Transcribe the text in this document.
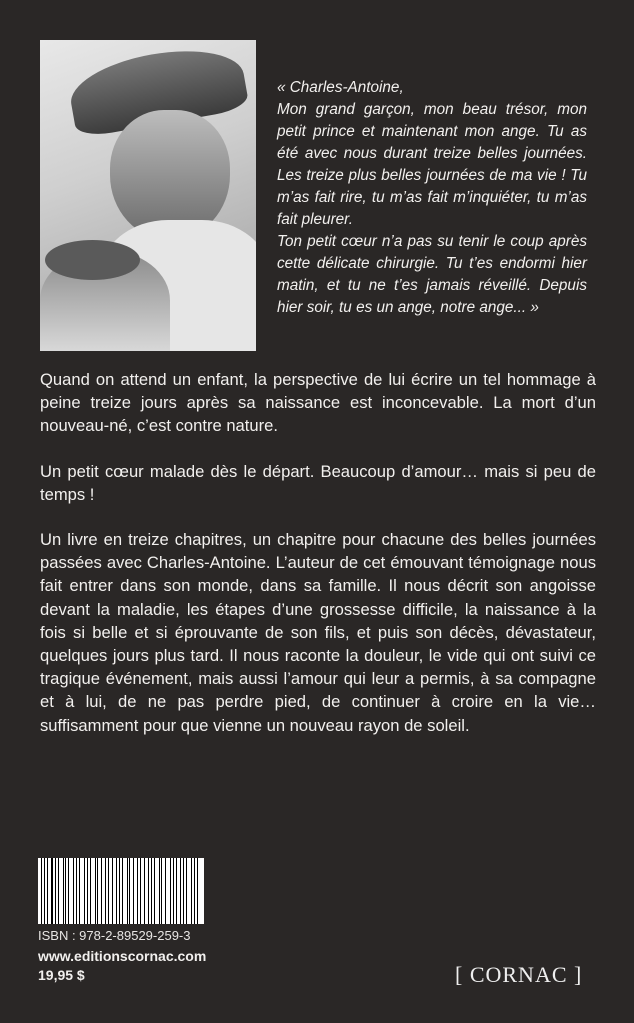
« Charles-Antoine,

Mon grand garçon, mon beau trésor, mon petit prince et maintenant mon ange. Tu as été avec nous durant treize belles journées. Les treize plus belles journées de ma vie ! Tu m’as fait rire, tu m’as fait m’inquiéter, tu m’as fait pleurer.

Ton petit cœur n’a pas su tenir le coup après cette délicate chirurgie. Tu t’es endormi hier matin, et tu ne t’es jamais réveillé. Depuis hier soir, tu es un ange, notre ange... »

Quand on attend un enfant, la perspective de lui écrire un tel hommage à peine treize jours après sa naissance est inconcevable. La mort d’un nouveau-né, c’est contre nature.

Un petit cœur malade dès le départ. Beaucoup d’amour… mais si peu de temps !

Un livre en treize chapitres, un chapitre pour chacune des belles journées passées avec Charles-Antoine. L’auteur de cet émouvant témoignage nous fait entrer dans son monde, dans sa famille. Il nous décrit son angoisse devant la maladie, les étapes d’une grossesse difficile, la naissance à la fois si belle et si éprouvante de son fils, et puis son décès, dévastateur, quelques jours plus tard. Il nous raconte la douleur, le vide qui ont suivi ce tragique événement, mais aussi l’amour qui leur a permis, à sa compagne et à lui, de ne pas perdre pied, de continuer à croire en la vie… suffisamment pour que vienne un nouveau rayon de soleil.

ISBN : 978-2-89529-259-3
www.editionscornac.com
19,95 $	[ CORNAC ]
